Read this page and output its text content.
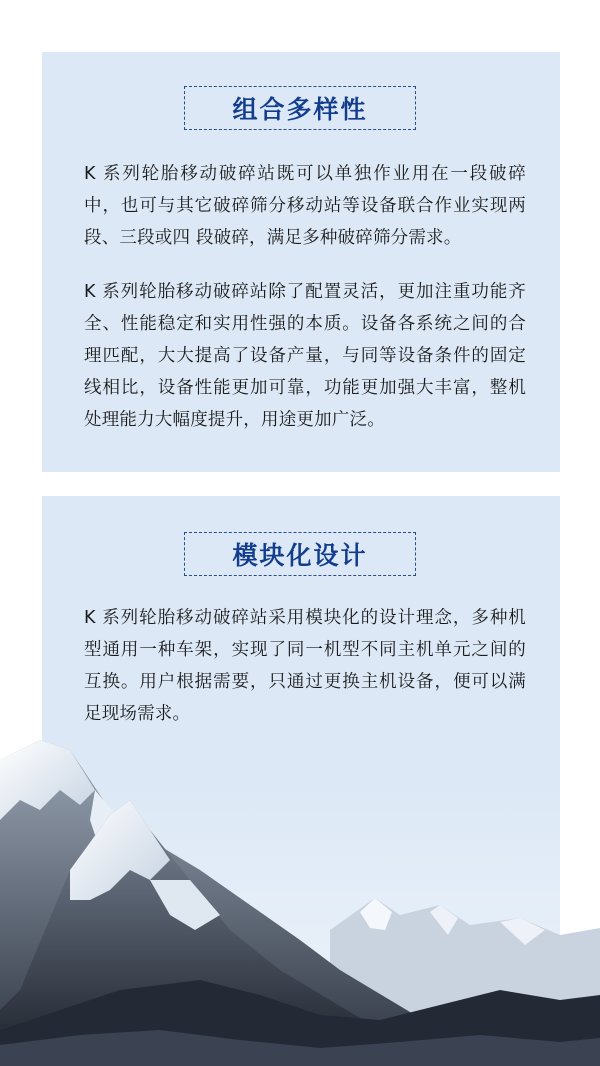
组合多样性

K 系列轮胎移动破碎站既可以单独作业用在一段破碎中，也可与其它破碎筛分移动站等设备联合作业实现两段、三段或四 段破碎，满足多种破碎筛分需求。

K 系列轮胎移动破碎站除了配置灵活，更加注重功能齐全、性能稳定和实用性强的本质。设备各系统之间的合理匹配，大大提高了设备产量，与同等设备条件的固定线相比，设备性能更加可靠，功能更加强大丰富，整机处理能力大幅度提升，用途更加广泛。

模块化设计

K 系列轮胎移动破碎站采用模块化的设计理念，多种机型通用一种车架，实现了同一机型不同主机单元之间的互换。用户根据需要，只通过更换主机设备，便可以满足现场需求。
